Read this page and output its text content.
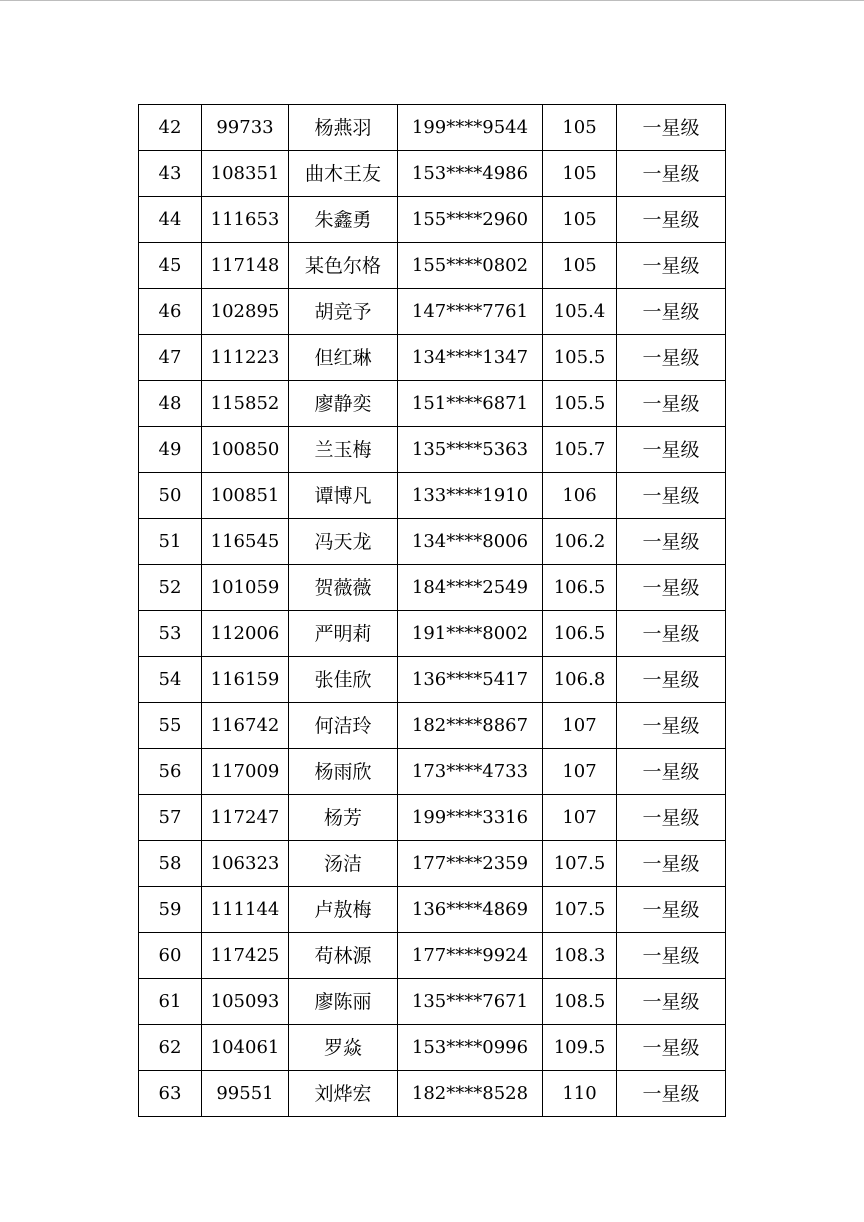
42	99733	杨燕羽	199****9544	105	一星级
43	108351	曲木王友	153****4986	105	一星级
44	111653	朱鑫勇	155****2960	105	一星级
45	117148	某色尔格	155****0802	105	一星级
46	102895	胡竞予	147****7761	105.4	一星级
47	111223	但红琳	134****1347	105.5	一星级
48	115852	廖静奕	151****6871	105.5	一星级
49	100850	兰玉梅	135****5363	105.7	一星级
50	100851	谭博凡	133****1910	106	一星级
51	116545	冯天龙	134****8006	106.2	一星级
52	101059	贺薇薇	184****2549	106.5	一星级
53	112006	严明莉	191****8002	106.5	一星级
54	116159	张佳欣	136****5417	106.8	一星级
55	116742	何洁玲	182****8867	107	一星级
56	117009	杨雨欣	173****4733	107	一星级
57	117247	杨芳	199****3316	107	一星级
58	106323	汤洁	177****2359	107.5	一星级
59	111144	卢敖梅	136****4869	107.5	一星级
60	117425	苟林源	177****9924	108.3	一星级
61	105093	廖陈丽	135****7671	108.5	一星级
62	104061	罗焱	153****0996	109.5	一星级
63	99551	刘烨宏	182****8528	110	一星级
